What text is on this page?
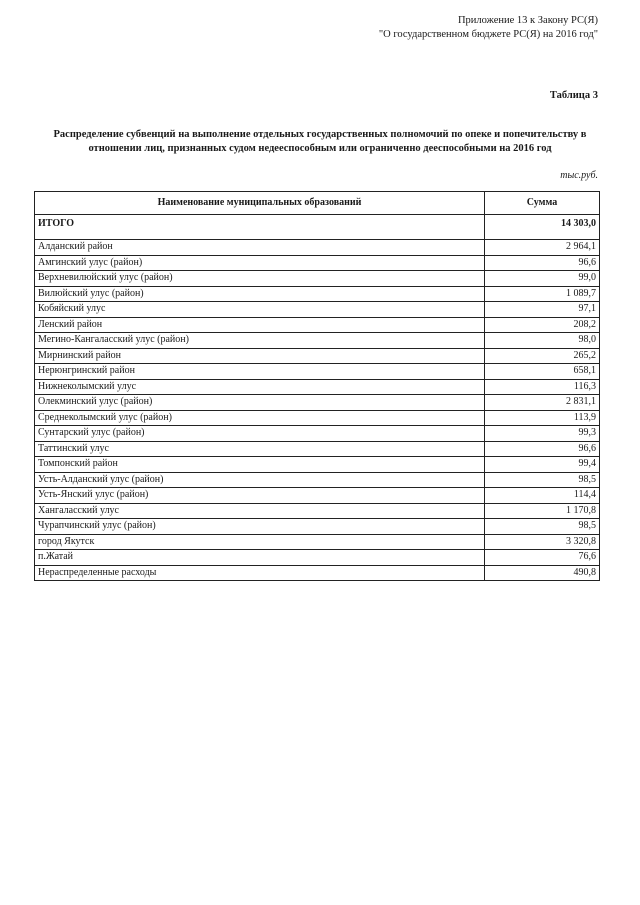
Приложение 13 к Закону РС(Я)
"О государственном бюджете РС(Я) на 2016 год"
Таблица 3
Распределение субвенций на выполнение отдельных государственных полномочий по опеке и попечительству в отношении лиц, признанных судом недееспособным или ограниченно дееспособными на 2016 год
тыс.руб.
Наименование муниципальных образований	Сумма
ИТОГО	14 303,0
Алданский район	2 964,1
Амгинский улус (район)	96,6
Верхневилюйский улус (район)	99,0
Вилюйский улус (район)	1 089,7
Кобяйский улус	97,1
Ленский район	208,2
Мегино-Кангаласский улус (район)	98,0
Мирнинский район	265,2
Нерюнгринский район	658,1
Нижнеколымский улус	116,3
Олекминский улус (район)	2 831,1
Среднеколымский улус (район)	113,9
Сунтарский улус (район)	99,3
Таттинский улус	96,6
Томпонский район	99,4
Усть-Алданский улус (район)	98,5
Усть-Янский улус (район)	114,4
Хангаласский улус	1 170,8
Чурапчинский улус (район)	98,5
город Якутск	3 320,8
п.Жатай	76,6
Нераспределенные расходы	490,8
